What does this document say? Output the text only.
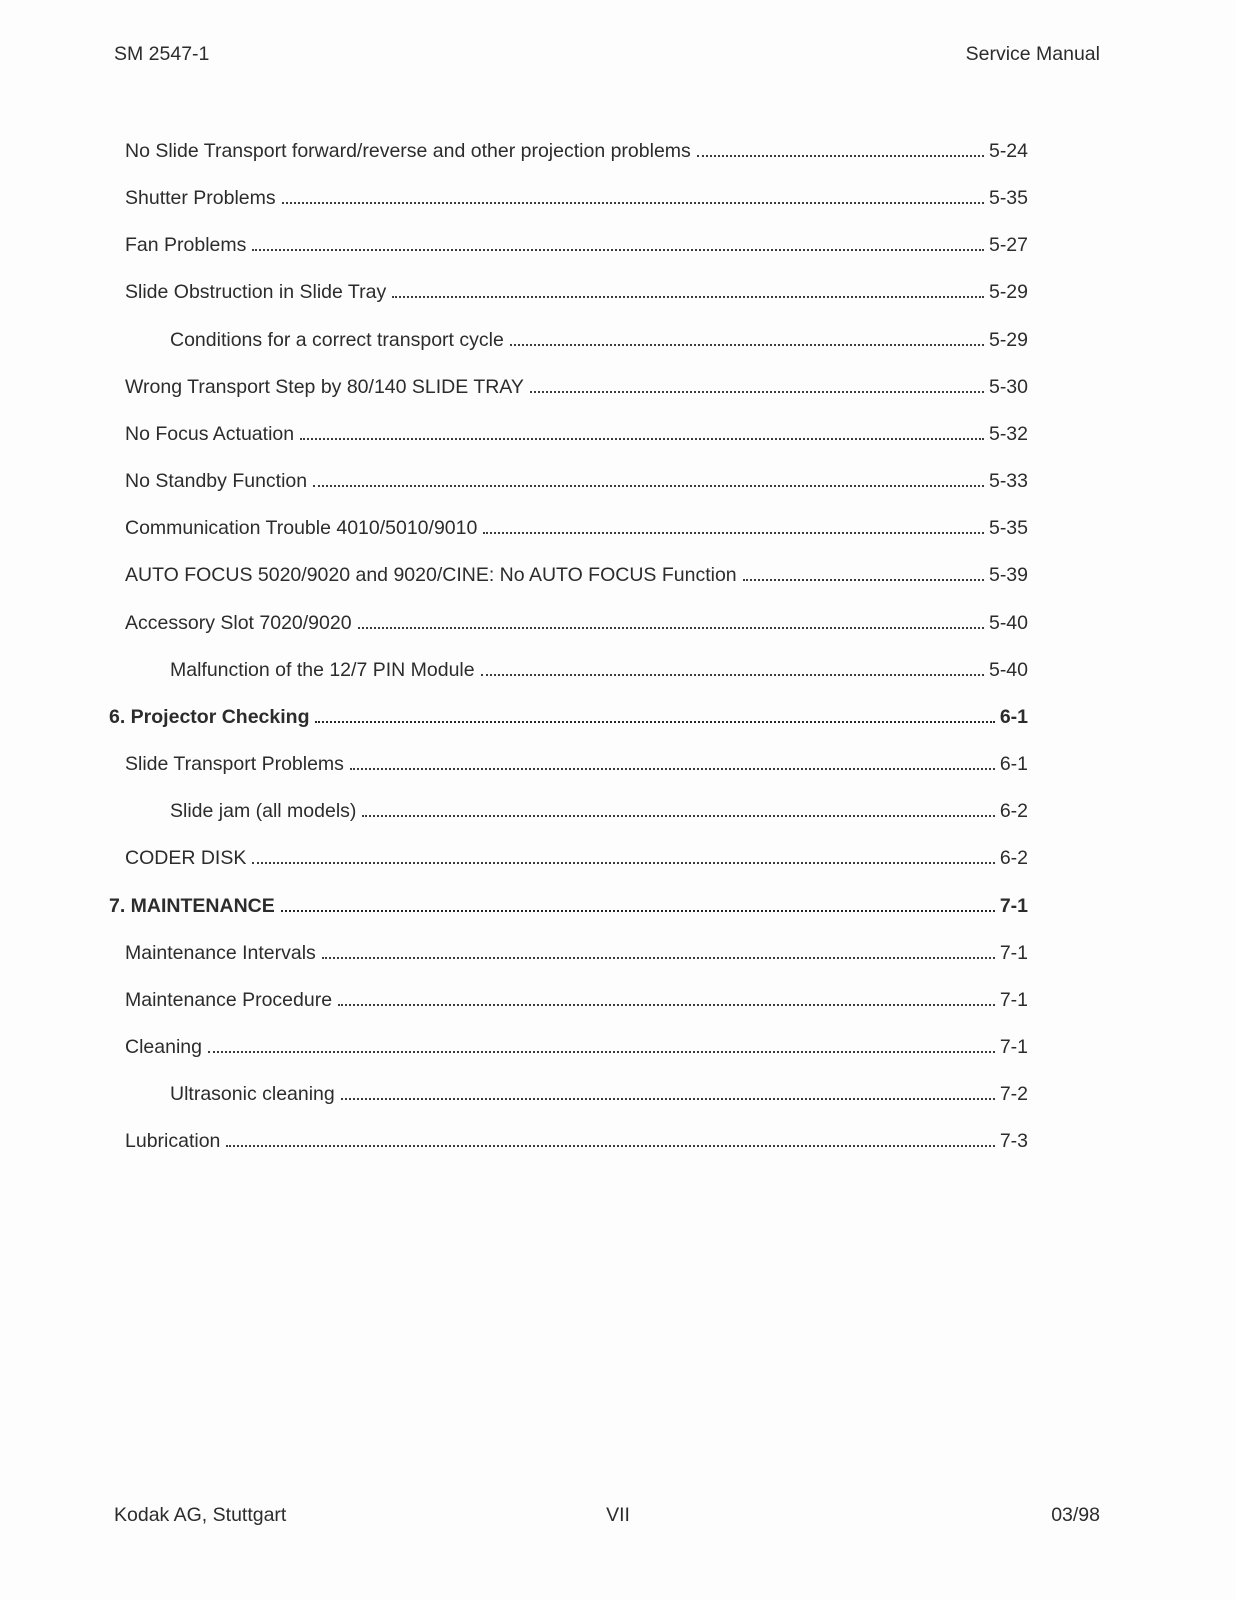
SM 2547-1	Service Manual
No Slide Transport forward/reverse and other projection problems	5-24
Shutter Problems	5-35
Fan Problems	5-27
Slide Obstruction in Slide Tray	5-29
Conditions for a correct transport cycle	5-29
Wrong Transport Step by 80/140 SLIDE TRAY	5-30
No Focus Actuation	5-32
No Standby Function	5-33
Communication Trouble 4010/5010/9010	5-35
AUTO FOCUS 5020/9020 and 9020/CINE: No AUTO FOCUS Function	5-39
Accessory Slot 7020/9020	5-40
Malfunction of the 12/7 PIN Module	5-40
6. Projector Checking	6-1
Slide Transport Problems	6-1
Slide jam (all models)	6-2
CODER DISK	6-2
7. MAINTENANCE	7-1
Maintenance Intervals	7-1
Maintenance Procedure	7-1
Cleaning	7-1
Ultrasonic cleaning	7-2
Lubrication	7-3
Kodak AG, Stuttgart	VII	03/98
